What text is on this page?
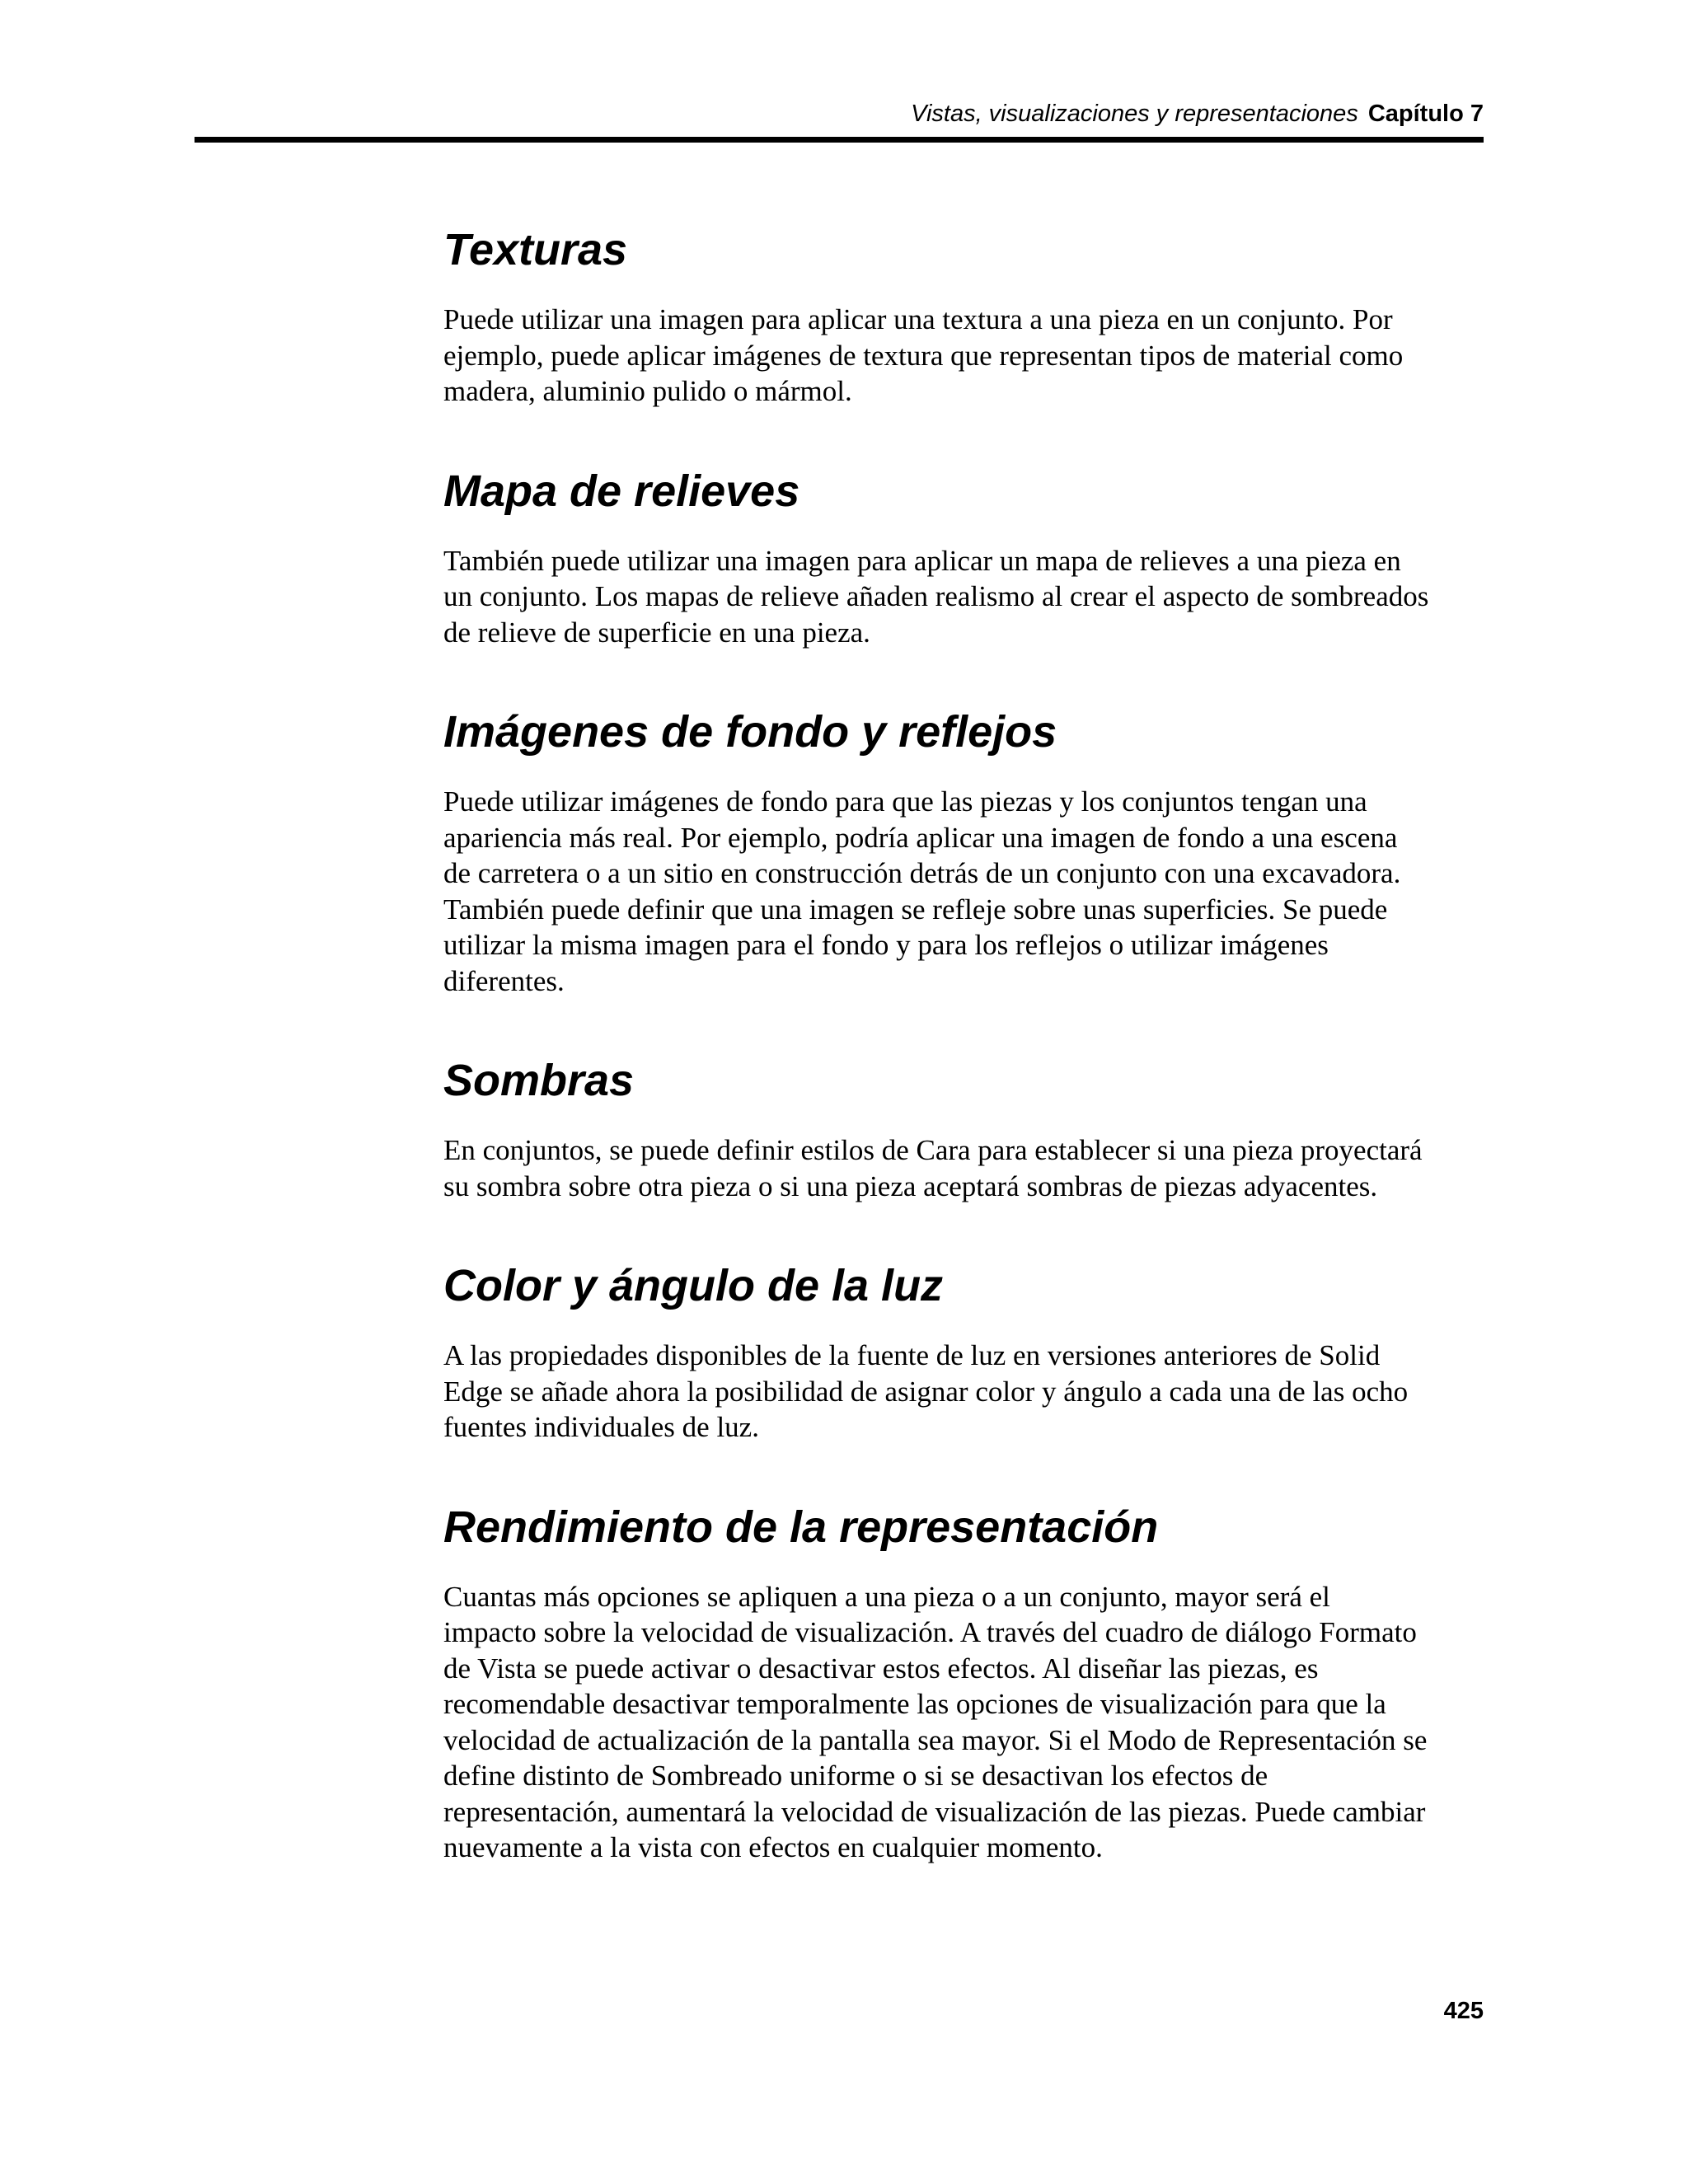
Vistas, visualizaciones y representaciones Capítulo 7
Texturas
Puede utilizar una imagen para aplicar una textura a una pieza en un conjunto. Por
ejemplo, puede aplicar imágenes de textura que representan tipos de material como
madera, aluminio pulido o mármol.
Mapa de relieves
También puede utilizar una imagen para aplicar un mapa de relieves a una pieza en
un conjunto. Los mapas de relieve añaden realismo al crear el aspecto de sombreados
de relieve de superficie en una pieza.
Imágenes de fondo y reflejos
Puede utilizar imágenes de fondo para que las piezas y los conjuntos tengan una
apariencia más real. Por ejemplo, podría aplicar una imagen de fondo a una escena
de carretera o a un sitio en construcción detrás de un conjunto con una excavadora.
También puede definir que una imagen se refleje sobre unas superficies. Se puede
utilizar la misma imagen para el fondo y para los reflejos o utilizar imágenes
diferentes.
Sombras
En conjuntos, se puede definir estilos de Cara para establecer si una pieza proyectará
su sombra sobre otra pieza o si una pieza aceptará sombras de piezas adyacentes.
Color y ángulo de la luz
A las propiedades disponibles de la fuente de luz en versiones anteriores de Solid
Edge se añade ahora la posibilidad de asignar color y ángulo a cada una de las ocho
fuentes individuales de luz.
Rendimiento de la representación
Cuantas más opciones se apliquen a una pieza o a un conjunto, mayor será el
impacto sobre la velocidad de visualización. A través del cuadro de diálogo Formato
de Vista se puede activar o desactivar estos efectos. Al diseñar las piezas, es
recomendable desactivar temporalmente las opciones de visualización para que la
velocidad de actualización de la pantalla sea mayor. Si el Modo de Representación se
define distinto de Sombreado uniforme o si se desactivan los efectos de
representación, aumentará la velocidad de visualización de las piezas. Puede cambiar
nuevamente a la vista con efectos en cualquier momento.
425
